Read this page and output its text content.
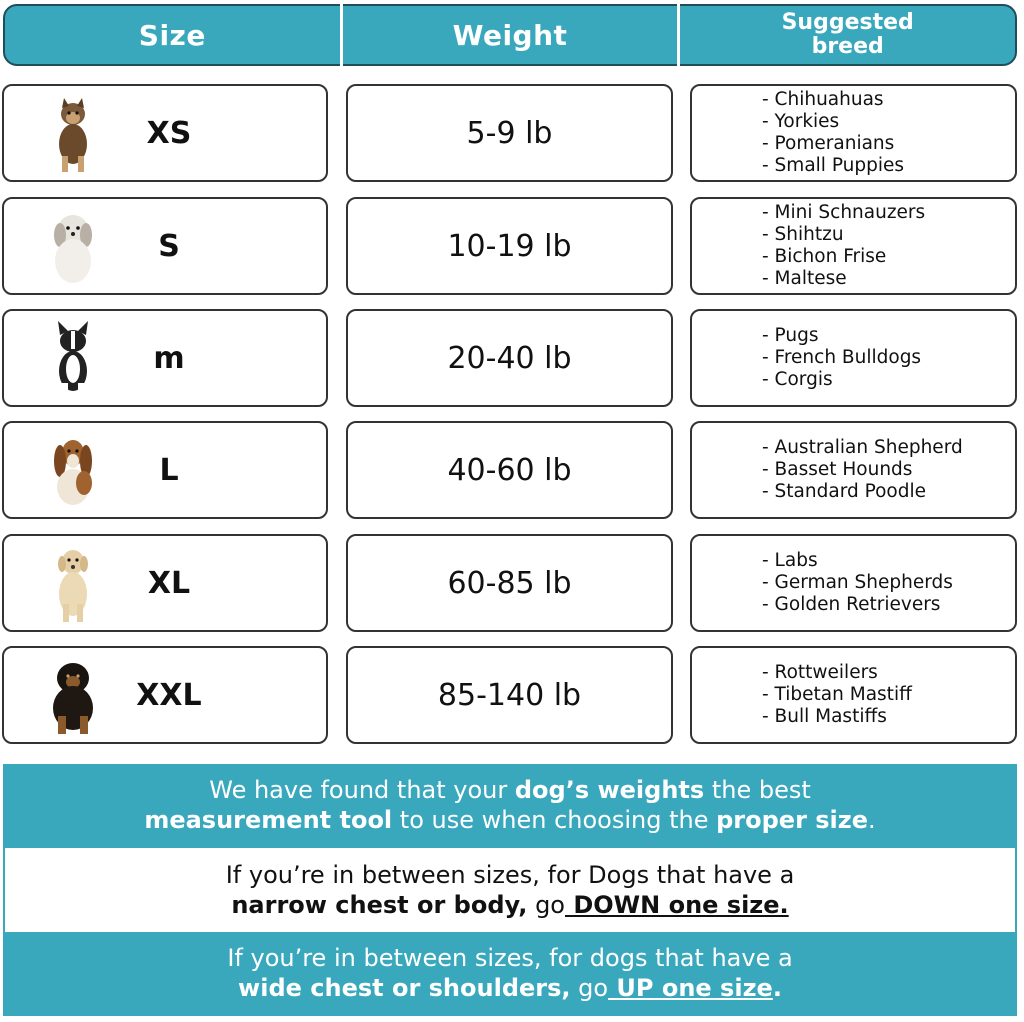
Size	Weight	Suggested breed
XS	5-9 lb
- Chihuahuas
- Yorkies
- Pomeranians
- Small Puppies
S	10-19 lb
- Mini Schnauzers
- Shihtzu
- Bichon Frise
- Maltese
m	20-40 lb
- Pugs
- French Bulldogs
- Corgis
L	40-60 lb
- Australian Shepherd
- Basset Hounds
- Standard Poodle
XL	60-85 lb
- Labs
- German Shepherds
- Golden Retrievers
XXL	85-140 lb
- Rottweilers
- Tibetan Mastiff
- Bull Mastiffs
We have found that your dog’s weights the best
measurement tool to use when choosing the proper size.
If you’re in between sizes, for Dogs that have a
narrow chest or body, go DOWN one size.
If you’re in between sizes, for dogs that have a
wide chest or shoulders, go UP one size.
